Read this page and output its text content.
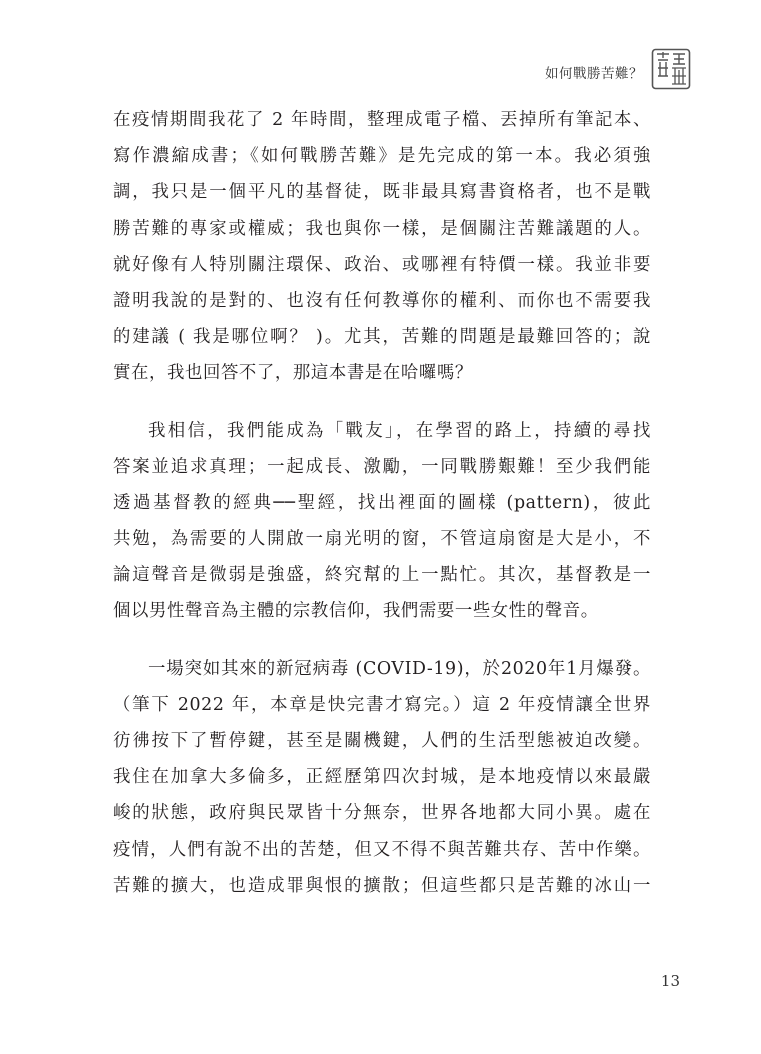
如何戰勝苦難？
在疫情期間我花了 2 年時間，整理成電子檔、丟掉所有筆記本、
寫作濃縮成書；《如何戰勝苦難》是先完成的第一本。我必須強
調，我只是一個平凡的基督徒，既非最具寫書資格者，也不是戰
勝苦難的專家或權威；我也與你一樣，是個關注苦難議題的人。
就好像有人特別關注環保、政治、或哪裡有特價一樣。我並非要
證明我說的是對的、也沒有任何教導你的權利、而你也不需要我
的建議 ( 我是哪位啊？ )。尤其，苦難的問題是最難回答的；說
實在，我也回答不了，那這本書是在哈囉嗎？
我相信，我們能成為「戰友」，在學習的路上，持續的尋找
答案並追求真理；一起成長、激勵，一同戰勝艱難！至少我們能
透過基督教的經典──聖經，找出裡面的圖樣 (pattern)，彼此
共勉，為需要的人開啟一扇光明的窗，不管這扇窗是大是小，不
論這聲音是微弱是強盛，終究幫的上一點忙。其次，基督教是一
個以男性聲音為主體的宗教信仰，我們需要一些女性的聲音。
一場突如其來的新冠病毒 (COVID-19)，於2020年1月爆發。
（筆下 2022 年，本章是快完書才寫完。）這 2 年疫情讓全世界
彷彿按下了暫停鍵，甚至是關機鍵，人們的生活型態被迫改變。
我住在加拿大多倫多，正經歷第四次封城，是本地疫情以來最嚴
峻的狀態，政府與民眾皆十分無奈，世界各地都大同小異。處在
疫情，人們有說不出的苦楚，但又不得不與苦難共存、苦中作樂。
苦難的擴大，也造成罪與恨的擴散；但這些都只是苦難的冰山一
13
